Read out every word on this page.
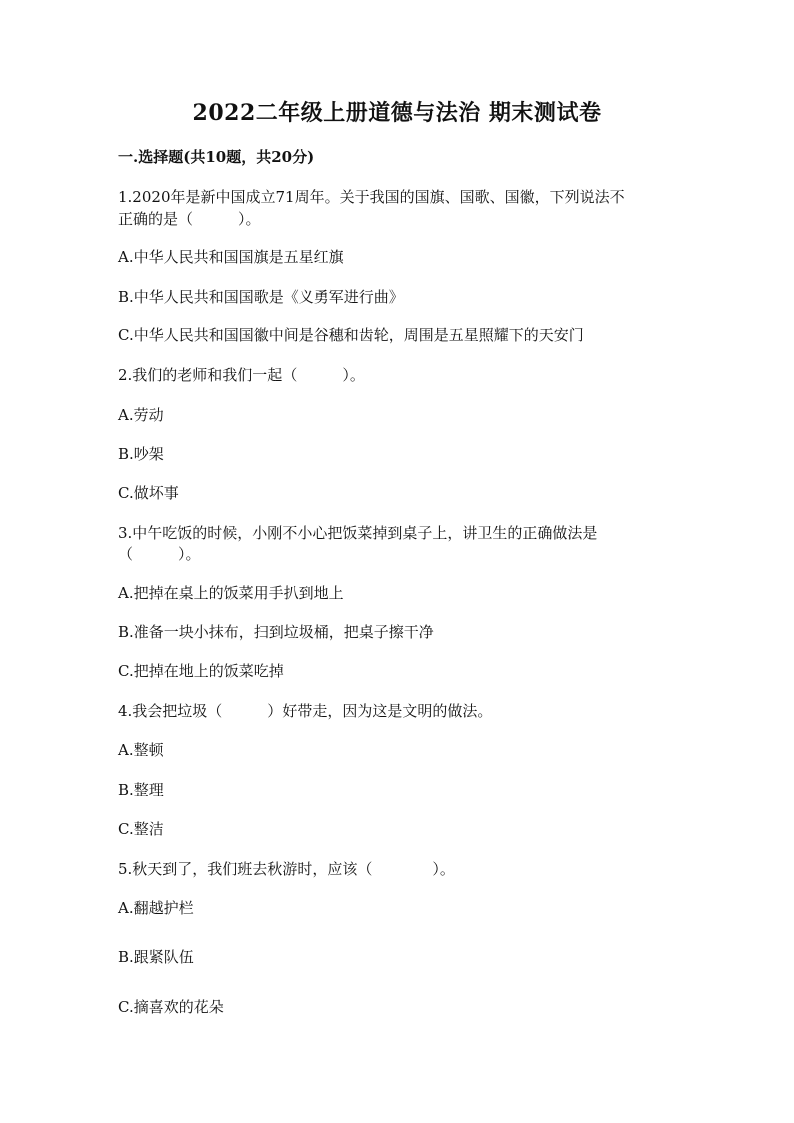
2022二年级上册道德与法治 期末测试卷
一.选择题(共10题，共20分)
1.2020年是新中国成立71周年。关于我国的国旗、国歌、国徽，下列说法不
正确的是（　　　）。
A.中华人民共和国国旗是五星红旗
B.中华人民共和国国歌是《义勇军进行曲》
C.中华人民共和国国徽中间是谷穗和齿轮，周围是五星照耀下的天安门
2.我们的老师和我们一起（　　　）。
A.劳动
B.吵架
C.做坏事
3.中午吃饭的时候，小刚不小心把饭菜掉到桌子上，讲卫生的正确做法是
（　　　）。
A.把掉在桌上的饭菜用手扒到地上
B.准备一块小抹布，扫到垃圾桶，把桌子擦干净
C.把掉在地上的饭菜吃掉
4.我会把垃圾（　　　）好带走，因为这是文明的做法。
A.整顿
B.整理
C.整洁
5.秋天到了，我们班去秋游时，应该（　　　　）。
A.翻越护栏
B.跟紧队伍
C.摘喜欢的花朵
